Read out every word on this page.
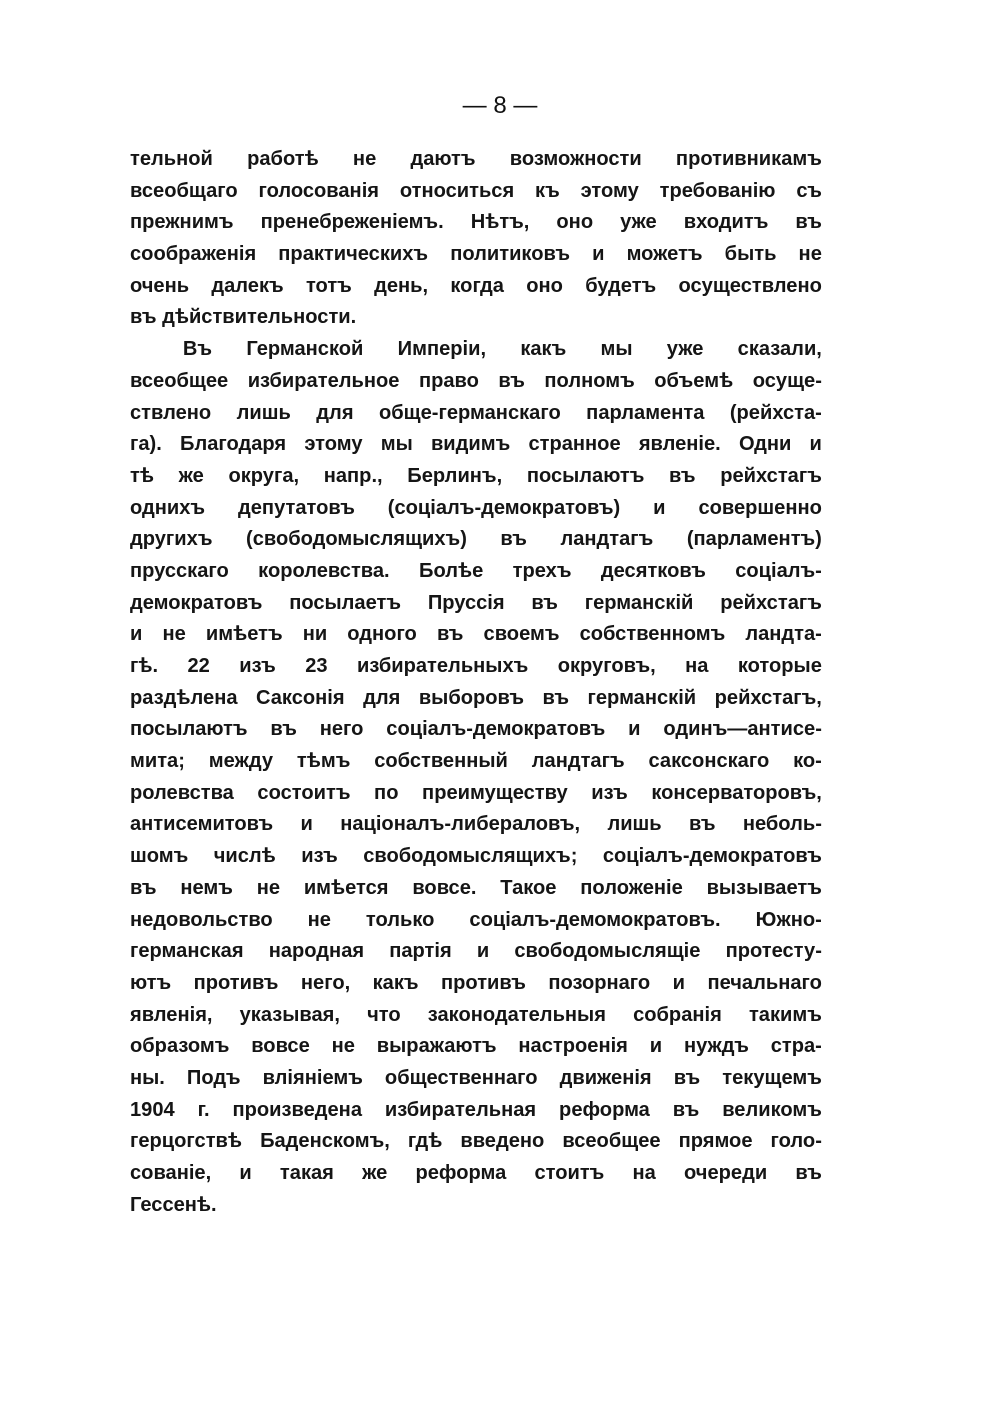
— 8 —
тельной работѣ не даютъ возможности противникамъ
всеобщаго голосованія относиться къ этому требованію съ
прежнимъ пренебреженіемъ. Нѣтъ, оно уже входитъ въ
соображенія практическихъ политиковъ и можетъ быть не
очень далекъ тотъ день, когда оно будетъ осуществлено
въ дѣйствительности.
Въ Германской Имперіи, какъ мы уже сказали,
всеобщее избирательное право въ полномъ объемѣ осуще-
ствлено лишь для обще-германскаго парламента (рейхста-
га). Благодаря этому мы видимъ странное явленіе. Одни и
тѣ же округа, напр., Берлинъ, посылаютъ въ рейхстагъ
однихъ депутатовъ (соціалъ-демократовъ) и совершенно
другихъ (свободомыслящихъ) въ ландтагъ (парламентъ)
прусскаго королевства. Болѣе трехъ десятковъ соціалъ-
демократовъ посылаетъ Пруссія въ германскій рейхстагъ
и не имѣетъ ни одного въ своемъ собственномъ ландта-
гѣ. 22 изъ 23 избирательныхъ округовъ, на которые
раздѣлена Саксонія для выборовъ въ германскій рейхстагъ,
посылаютъ въ него соціалъ-демократовъ и одинъ—антисе-
мита; между тѣмъ собственный ландтагъ саксонскаго ко-
ролевства состоитъ по преимуществу изъ консерваторовъ,
антисемитовъ и націоналъ-либераловъ, лишь въ неболь-
шомъ числѣ изъ свободомыслящихъ; соціалъ-демократовъ
въ немъ не имѣется вовсе. Такое положеніе вызываетъ
недовольство не только соціалъ-демомократовъ. Южно-
германская народная партія и свободомыслящіе протесту-
ютъ противъ него, какъ противъ позорнаго и печальнаго
явленія, указывая, что законодательныя собранія такимъ
образомъ вовсе не выражаютъ настроенія и нуждъ стра-
ны. Подъ вліяніемъ общественнаго движенія въ текущемъ
1904 г. произведена избирательная реформа въ великомъ
герцогствѣ Баденскомъ, гдѣ введено всеобщее прямое голо-
сованіе, и такая же реформа стоитъ на очереди въ
Гессенѣ.
